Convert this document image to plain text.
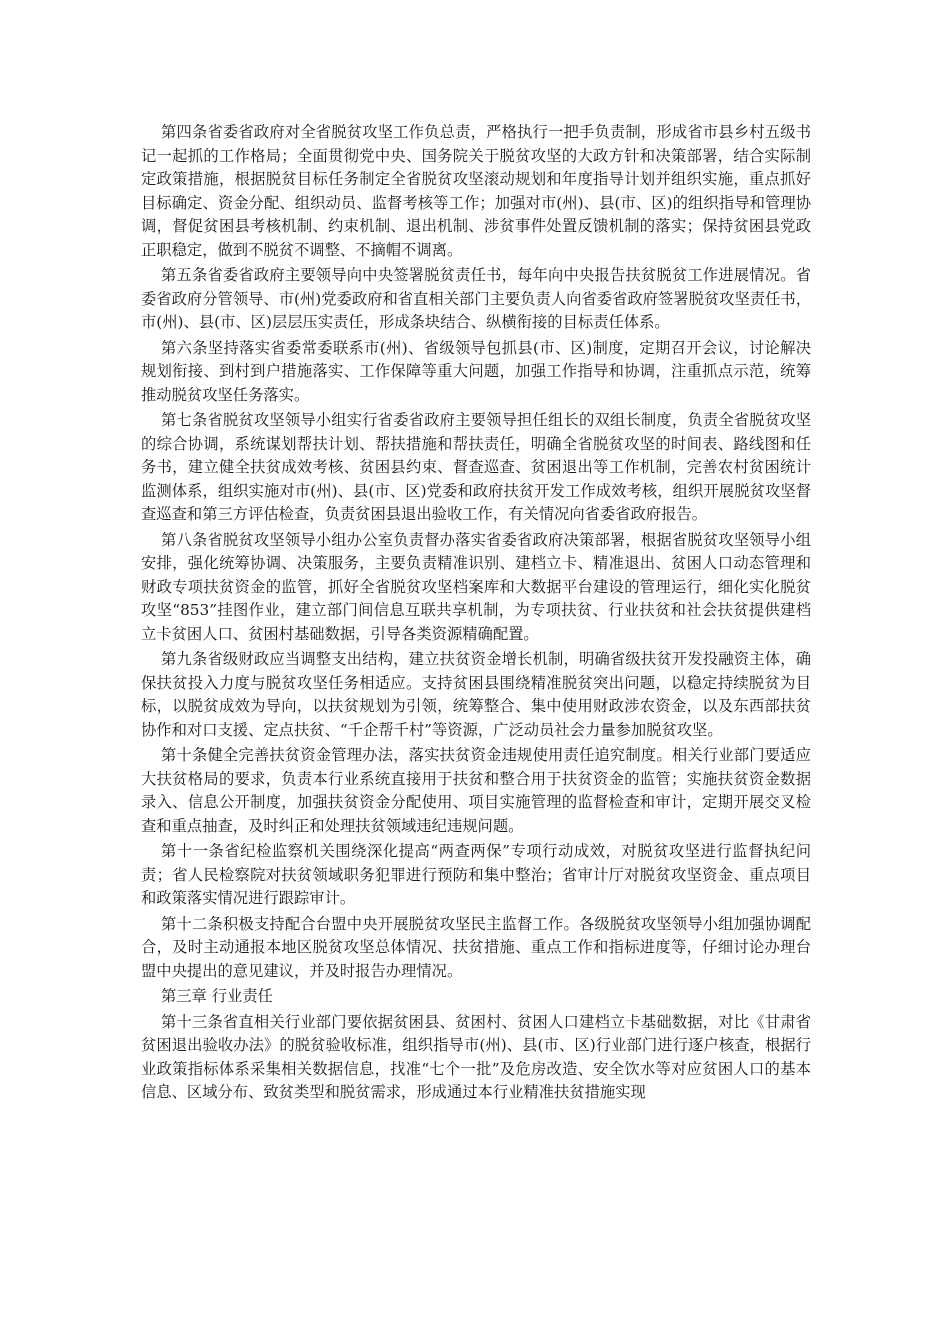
第四条省委省政府对全省脱贫攻坚工作负总责，严格执行一把手负责制，形成省市县乡村五级书记一起抓的工作格局；全面贯彻党中央、国务院关于脱贫攻坚的大政方针和决策部署，结合实际制定政策措施，根据脱贫目标任务制定全省脱贫攻坚滚动规划和年度指导计划并组织实施，重点抓好目标确定、资金分配、组织动员、监督考核等工作；加强对市(州)、县(市、区)的组织指导和管理协调，督促贫困县考核机制、约束机制、退出机制、涉贫事件处置反馈机制的落实；保持贫困县党政正职稳定，做到不脱贫不调整、不摘帽不调离。

第五条省委省政府主要领导向中央签署脱贫责任书，每年向中央报告扶贫脱贫工作进展情况。省委省政府分管领导、市(州)党委政府和省直相关部门主要负责人向省委省政府签署脱贫攻坚责任书，市(州)、县(市、区)层层压实责任，形成条块结合、纵横衔接的目标责任体系。

第六条坚持落实省委常委联系市(州)、省级领导包抓县(市、区)制度，定期召开会议，讨论解决规划衔接、到村到户措施落实、工作保障等重大问题，加强工作指导和协调，注重抓点示范，统筹推动脱贫攻坚任务落实。

第七条省脱贫攻坚领导小组实行省委省政府主要领导担任组长的双组长制度，负责全省脱贫攻坚的综合协调，系统谋划帮扶计划、帮扶措施和帮扶责任，明确全省脱贫攻坚的时间表、路线图和任务书，建立健全扶贫成效考核、贫困县约束、督查巡查、贫困退出等工作机制，完善农村贫困统计监测体系，组织实施对市(州)、县(市、区)党委和政府扶贫开发工作成效考核，组织开展脱贫攻坚督查巡查和第三方评估检查，负责贫困县退出验收工作，有关情况向省委省政府报告。

第八条省脱贫攻坚领导小组办公室负责督办落实省委省政府决策部署，根据省脱贫攻坚领导小组安排，强化统筹协调、决策服务，主要负责精准识别、建档立卡、精准退出、贫困人口动态管理和财政专项扶贫资金的监管，抓好全省脱贫攻坚档案库和大数据平台建设的管理运行，细化实化脱贫攻坚“853”挂图作业，建立部门间信息互联共享机制，为专项扶贫、行业扶贫和社会扶贫提供建档立卡贫困人口、贫困村基础数据，引导各类资源精确配置。

第九条省级财政应当调整支出结构，建立扶贫资金增长机制，明确省级扶贫开发投融资主体，确保扶贫投入力度与脱贫攻坚任务相适应。支持贫困县围绕精准脱贫突出问题，以稳定持续脱贫为目标，以脱贫成效为导向，以扶贫规划为引领，统筹整合、集中使用财政涉农资金，以及东西部扶贫协作和对口支援、定点扶贫、“千企帮千村”等资源，广泛动员社会力量参加脱贫攻坚。

第十条健全完善扶贫资金管理办法，落实扶贫资金违规使用责任追究制度。相关行业部门要适应大扶贫格局的要求，负责本行业系统直接用于扶贫和整合用于扶贫资金的监管；实施扶贫资金数据录入、信息公开制度，加强扶贫资金分配使用、项目实施管理的监督检查和审计，定期开展交叉检查和重点抽查，及时纠正和处理扶贫领域违纪违规问题。

第十一条省纪检监察机关围绕深化提高“两查两保”专项行动成效，对脱贫攻坚进行监督执纪问责；省人民检察院对扶贫领域职务犯罪进行预防和集中整治；省审计厅对脱贫攻坚资金、重点项目和政策落实情况进行跟踪审计。

第十二条积极支持配合台盟中央开展脱贫攻坚民主监督工作。各级脱贫攻坚领导小组加强协调配合，及时主动通报本地区脱贫攻坚总体情况、扶贫措施、重点工作和指标进度等，仔细讨论办理台盟中央提出的意见建议，并及时报告办理情况。

第三章 行业责任

第十三条省直相关行业部门要依据贫困县、贫困村、贫困人口建档立卡基础数据，对比《甘肃省贫困退出验收办法》的脱贫验收标准，组织指导市(州)、县(市、区)行业部门进行逐户核查，根据行业政策指标体系采集相关数据信息，找准“七个一批”及危房改造、安全饮水等对应贫困人口的基本信息、区域分布、致贫类型和脱贫需求，形成通过本行业精准扶贫措施实现
